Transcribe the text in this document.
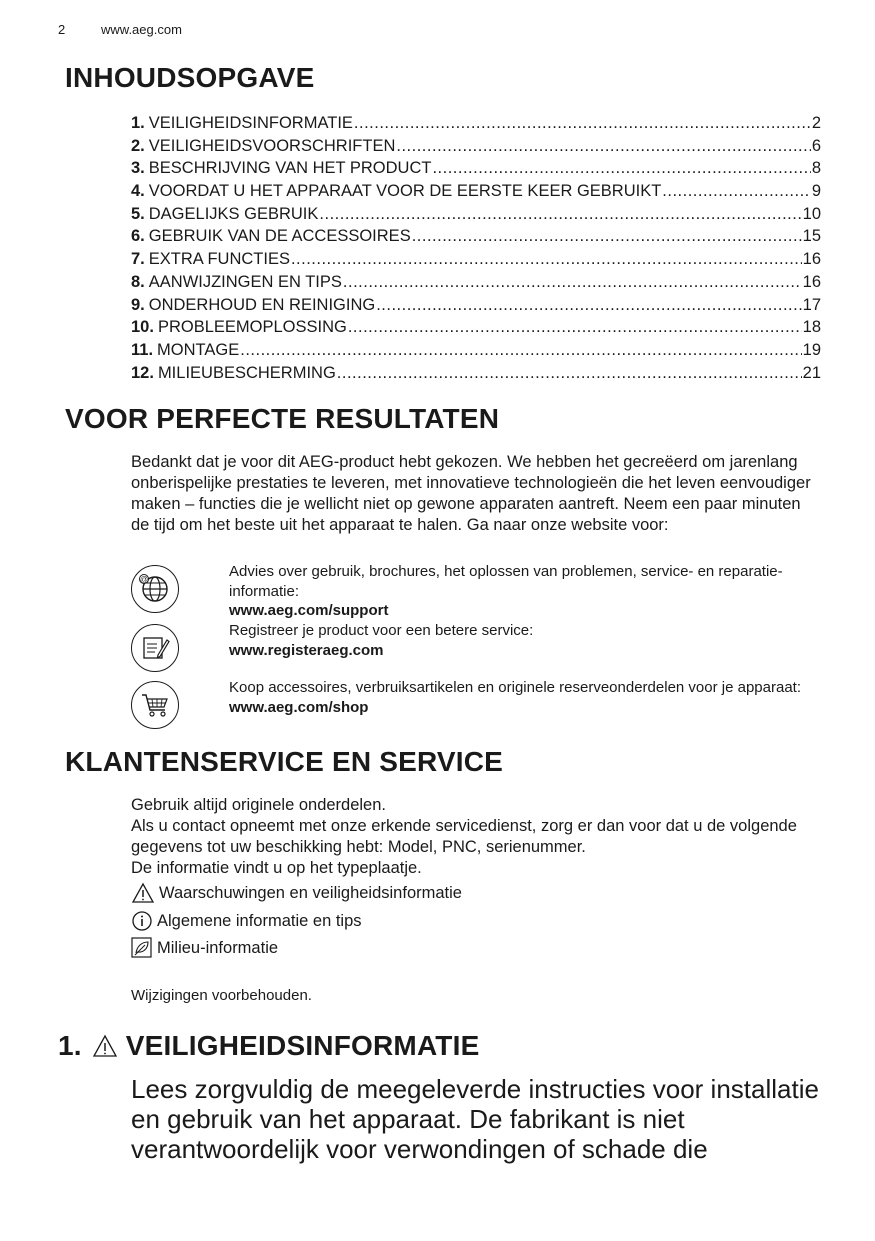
2	www.aeg.com
INHOUDSOPGAVE
1. VEILIGHEIDSINFORMATIE .....	2
2. VEILIGHEIDSVOORSCHRIFTEN .....	6
3. BESCHRIJVING VAN HET PRODUCT .....	8
4. VOORDAT U HET APPARAAT VOOR DE EERSTE KEER GEBRUIKT .....	9
5. DAGELIJKS GEBRUIK .....	10
6. GEBRUIK VAN DE ACCESSOIRES .....	15
7. EXTRA FUNCTIES .....	16
8. AANWIJZINGEN EN TIPS .....	16
9. ONDERHOUD EN REINIGING .....	17
10. PROBLEEMOPLOSSING .....	18
11. MONTAGE .....	19
12. MILIEUBESCHERMING .....	21
VOOR PERFECTE RESULTATEN
Bedankt dat je voor dit AEG-product hebt gekozen. We hebben het gecreëerd om jarenlang onberispelijke prestaties te leveren, met innovatieve technologieën die het leven eenvoudiger maken – functies die je wellicht niet op gewone apparaten aantreft. Neem een paar minuten de tijd om het beste uit het apparaat te halen. Ga naar onze website voor:
@	Advies over gebruik, brochures, het oplossen van problemen, service- en reparatie-informatie:
www.aeg.com/support
Registreer je product voor een betere service:
www.registeraeg.com
Koop accessoires, verbruiksartikelen en originele reserveonderdelen voor je apparaat:
www.aeg.com/shop
KLANTENSERVICE EN SERVICE
Gebruik altijd originele onderdelen.
Als u contact opneemt met onze erkende servicedienst, zorg er dan voor dat u de volgende gegevens tot uw beschikking hebt: Model, PNC, serienummer.
De informatie vindt u op het typeplaatje.
Waarschuwingen en veiligheidsinformatie
Algemene informatie en tips
Milieu-informatie
Wijzigingen voorbehouden.
1. VEILIGHEIDSINFORMATIE
Lees zorgvuldig de meegeleverde instructies voor installatie en gebruik van het apparaat. De fabrikant is niet verantwoordelijk voor verwondingen of schade die
